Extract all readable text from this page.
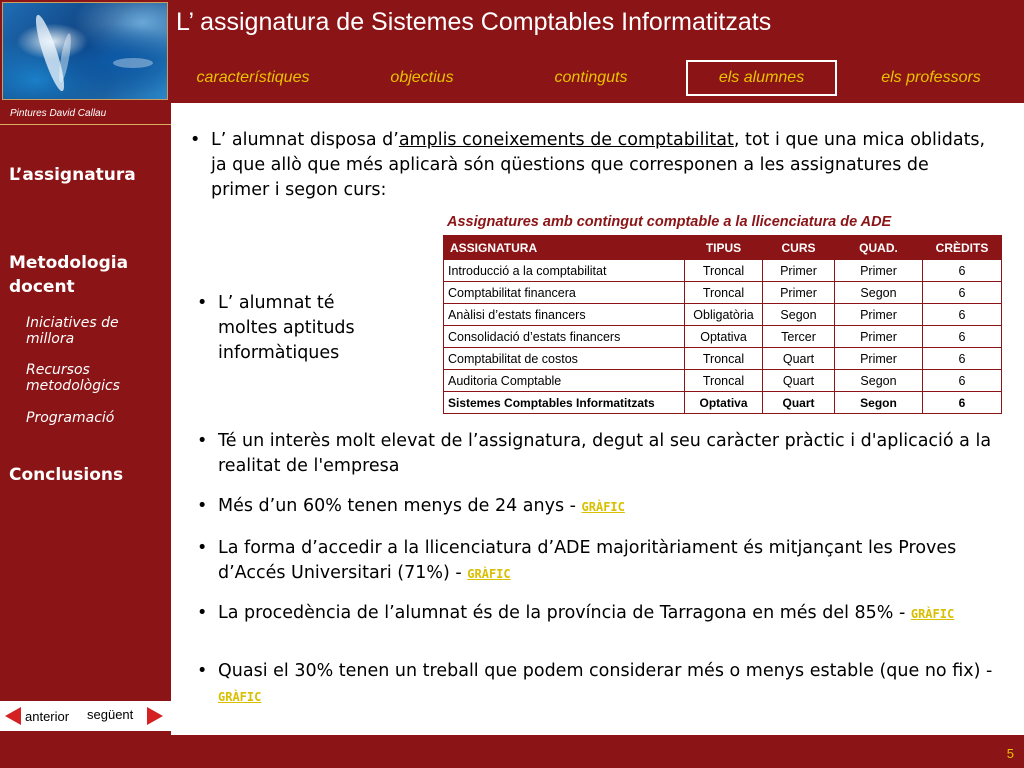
L’ assignatura de Sistemes Comptables Informatitzats
característiques	objectius	continguts	els alumnes	els professors
Pintures David Callau
L’assignatura
Metodologia docent
Iniciatives de millora
Recursos metodològics
Programació
Conclusions
anterior següent
• L’ alumnat disposa d’amplis coneixements de comptabilitat, tot i que una mica oblidats, ja que allò que més aplicarà són qüestions que corresponen a les assignatures de primer i segon curs:
Assignatures amb contingut comptable a la llicenciatura de ADE
ASSIGNATURA	TIPUS	CURS	QUAD.	CRÈDITS
Introducció a la comptabilitat	Troncal	Primer	Primer	6
Comptabilitat financera	Troncal	Primer	Segon	6
Anàlisi d’estats financers	Obligatòria	Segon	Primer	6
Consolidació d’estats financers	Optativa	Tercer	Primer	6
Comptabilitat de costos	Troncal	Quart	Primer	6
Auditoria Comptable	Troncal	Quart	Segon	6
Sistemes Comptables Informatitzats	Optativa	Quart	Segon	6
• L’ alumnat té moltes aptituds informàtiques
• Té un interès molt elevat de l’assignatura, degut al seu caràcter pràctic i d'aplicació a la realitat de l'empresa
• Més d’un 60% tenen menys de 24 anys - GRÀFIC
• La forma d’accedir a la llicenciatura d’ADE majoritàriament és mitjançant les Proves d’Accés Universitari (71%) - GRÀFIC
• La procedència de l’alumnat és de la província de Tarragona en més del 85% - GRÀFIC
• Quasi el 30% tenen un treball que podem considerar més o menys estable (que no fix) - GRÀFIC
5
